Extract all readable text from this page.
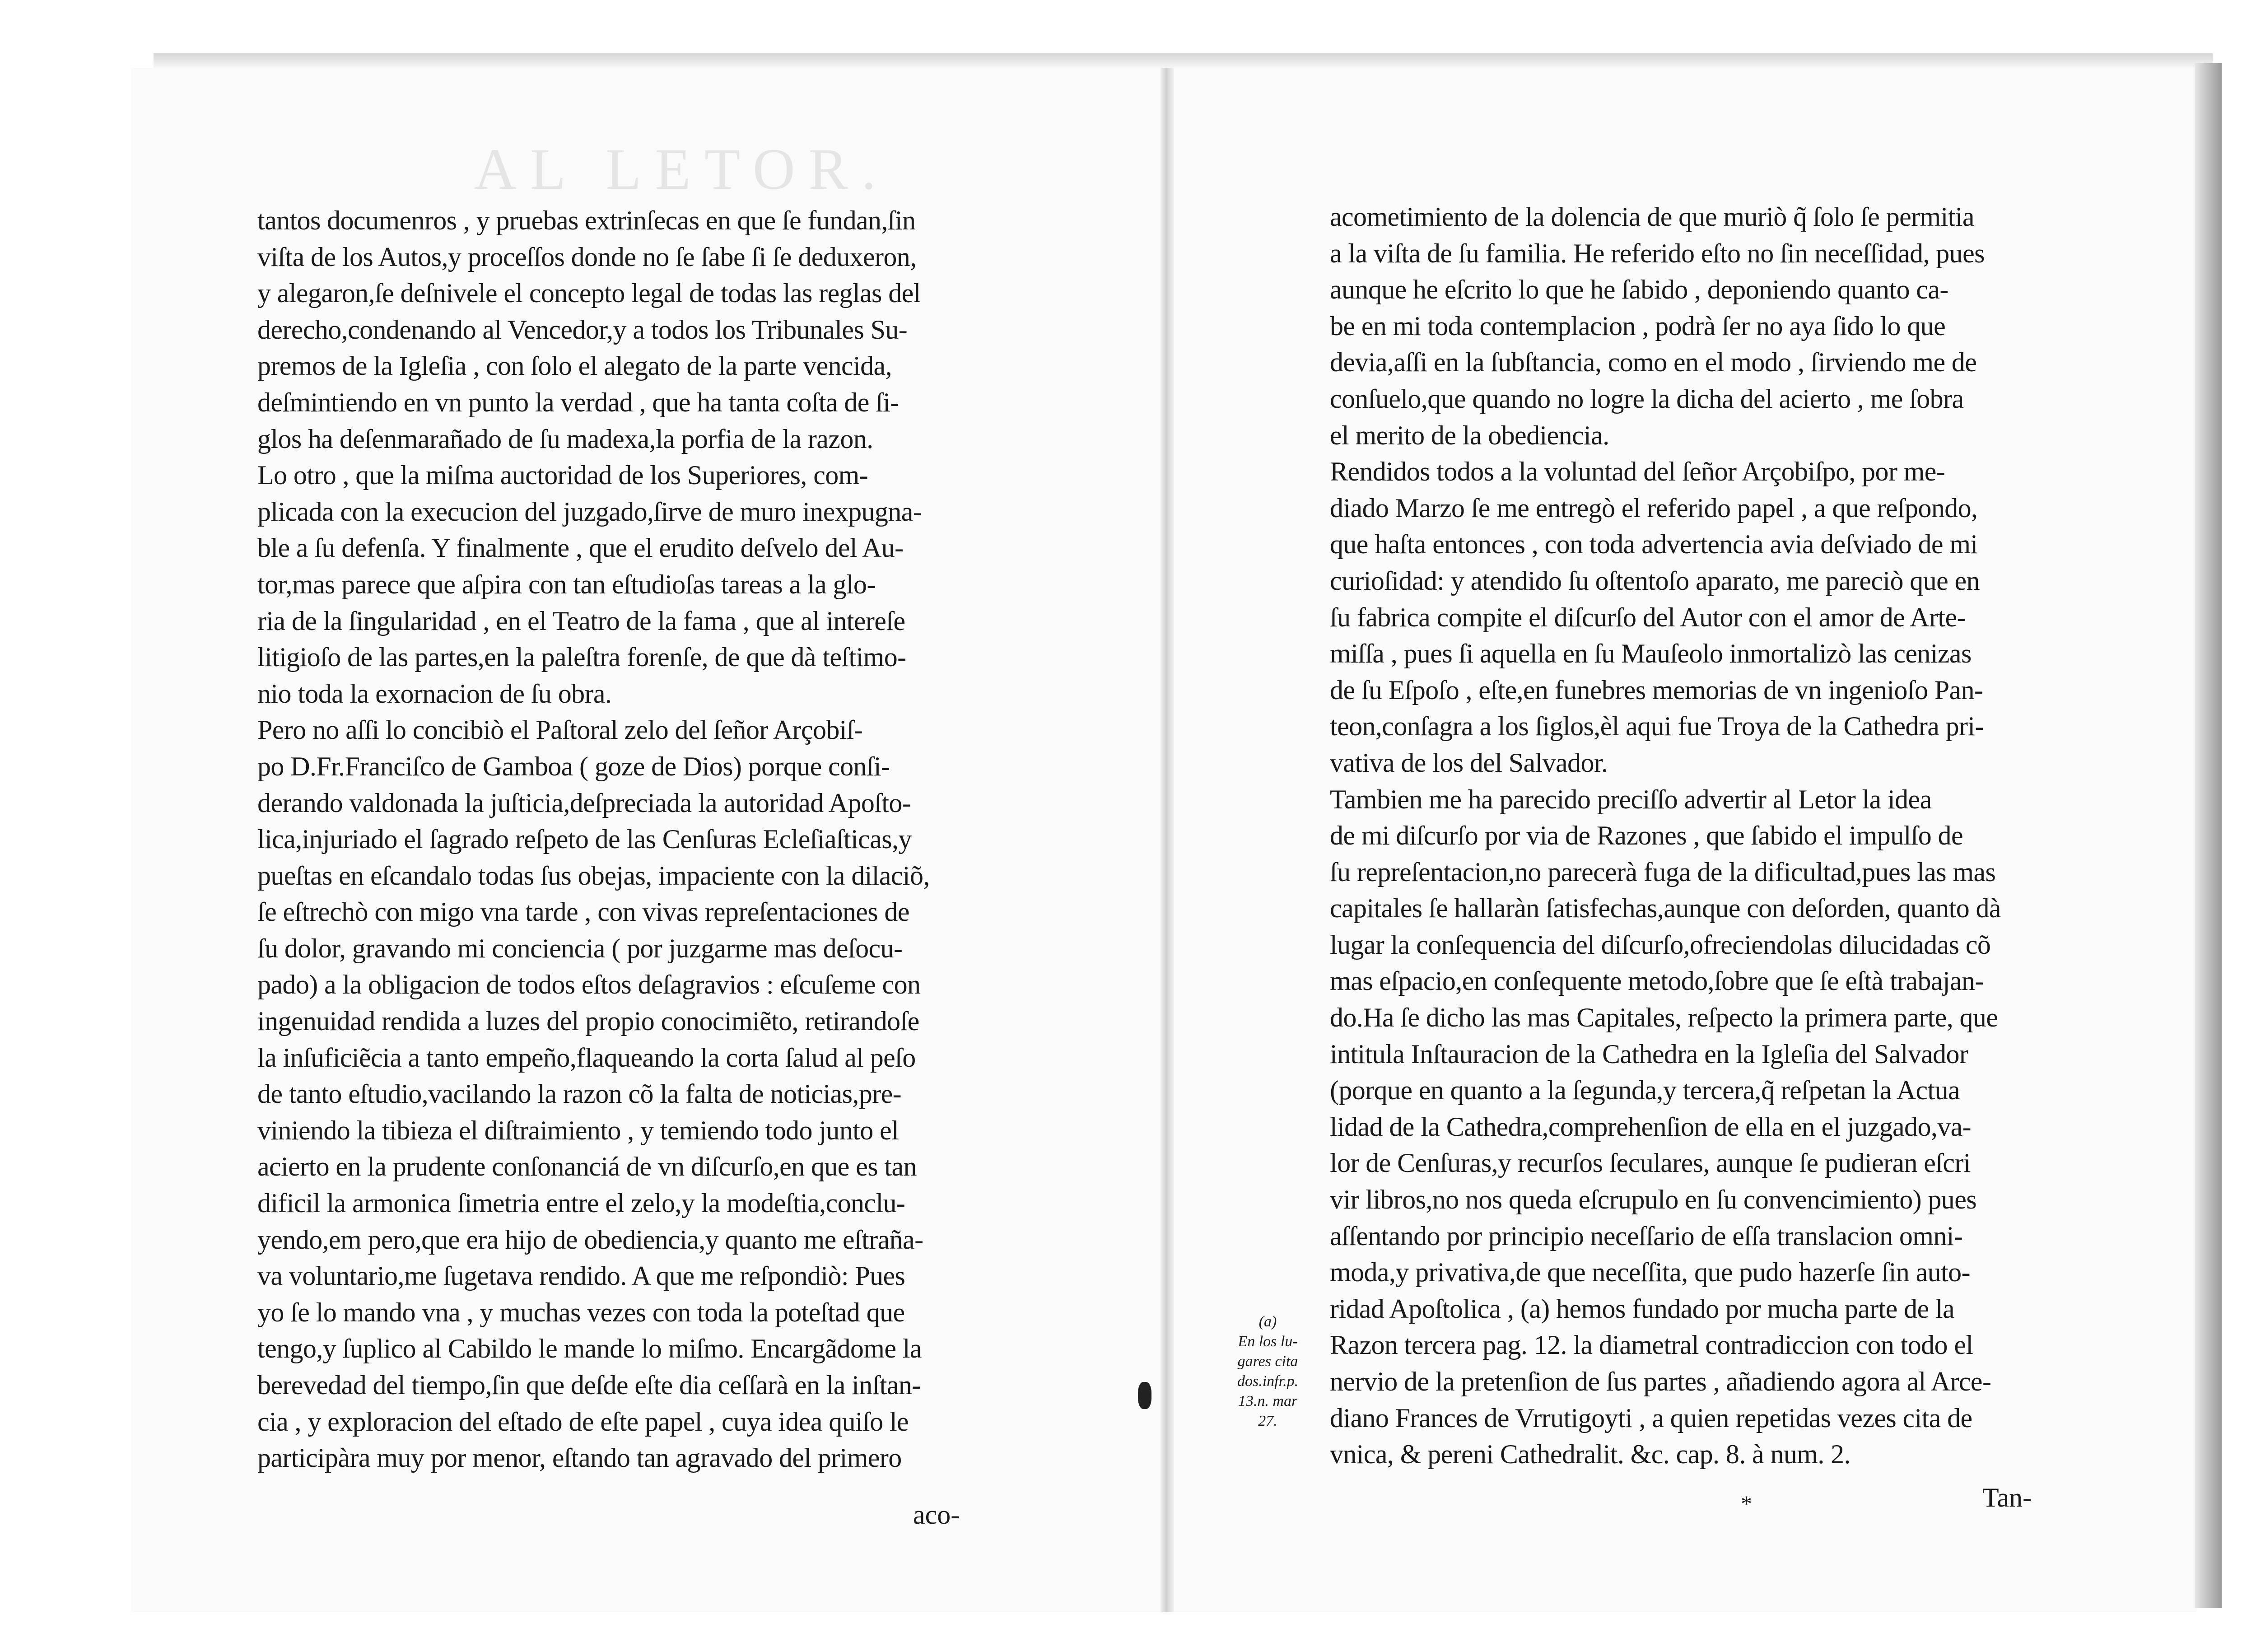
AL LETOR.
tantos documenros , y pruebas extrinſecas en que ſe fundan,ſin
viſta de los Autos,y proceſſos donde no ſe ſabe ſi ſe deduxeron,
y alegaron,ſe deſnivele el concepto legal de todas las reglas del
derecho,condenando al Vencedor,y a todos los Tribunales Su-
premos de la Igleſia , con ſolo el alegato de la parte vencida,
deſmintiendo en vn punto la verdad , que ha tanta coſta de ſi-
glos ha deſenmarañado de ſu madexa,la porfia de la razon.
Lo otro , que la miſma auctoridad de los Superiores, com-
plicada con la execucion del juzgado,ſirve de muro inexpugna-
ble a ſu defenſa. Y finalmente , que el erudito deſvelo del Au-
tor,mas parece que aſpira con tan eſtudioſas tareas a la glo-
ria de la ſingularidad , en el Teatro de la fama , que al intereſe
litigioſo de las partes,en la paleſtra forenſe, de que dà teſtimo-
nio toda la exornacion de ſu obra.
Pero no aſſi lo concibiò el Paſtoral zelo del ſeñor Arçobiſ-
po D.Fr.Franciſco de Gamboa ( goze de Dios) porque conſi-
derando valdonada la juſticia,deſpreciada la autoridad Apoſto-
lica,injuriado el ſagrado reſpeto de las Cenſuras Ecleſiaſticas,y
pueſtas en eſcandalo todas ſus obejas, impaciente con la dilaciõ,
ſe eſtrechò con migo vna tarde , con vivas repreſentaciones de
ſu dolor, gravando mi conciencia ( por juzgarme mas deſocu-
pado) a la obligacion de todos eſtos deſagravios : eſcuſeme con
ingenuidad rendida a luzes del propio conocimiẽto, retirandoſe
la inſuficiẽcia a tanto empeño,flaqueando la corta ſalud al peſo
de tanto eſtudio,vacilando la razon cõ la falta de noticias,pre-
viniendo la tibieza el diſtraimiento , y temiendo todo junto el
acierto en la prudente conſonanciá de vn diſcurſo,en que es tan
dificil la armonica ſimetria entre el zelo,y la modeſtia,conclu-
yendo,em pero,que era hijo de obediencia,y quanto me eſtraña-
va voluntario,me ſugetava rendido. A que me reſpondiò: Pues
yo ſe lo mando vna , y muchas vezes con toda la poteſtad que
tengo,y ſuplico al Cabildo le mande lo miſmo. Encargãdome la
berevedad del tiempo,ſin que deſde eſte dia ceſſarà en la inſtan-
cia , y exploracion del eſtado de eſte papel , cuya idea quiſo le
participàra muy por menor, eſtando tan agravado del primero
acometimiento de la dolencia de que muriò q̃ ſolo ſe permitia
a la viſta de ſu familia. He referido eſto no ſin neceſſidad, pues
aunque he eſcrito lo que he ſabido , deponiendo quanto ca-
be en mi toda contemplacion , podrà ſer no aya ſido lo que
devia,aſſi en la ſubſtancia, como en el modo , ſirviendo me de
conſuelo,que quando no logre la dicha del acierto , me ſobra
el merito de la obediencia.
Rendidos todos a la voluntad del ſeñor Arçobiſpo, por me-
diado Marzo ſe me entregò el referido papel , a que reſpondo,
que haſta entonces , con toda advertencia avia deſviado de mi
curioſidad: y atendido ſu oſtentoſo aparato, me pareciò que en
ſu fabrica compite el diſcurſo del Autor con el amor de Arte-
miſſa , pues ſi aquella en ſu Mauſeolo inmortalizò las cenizas
de ſu Eſpoſo , eſte,en funebres memorias de vn ingenioſo Pan-
teon,conſagra a los ſiglos,èl aqui fue Troya de la Cathedra pri-
vativa de los del Salvador.
Tambien me ha parecido preciſſo advertir al Letor la idea
de mi diſcurſo por via de Razones , que ſabido el impulſo de
ſu repreſentacion,no parecerà fuga de la dificultad,pues las mas
capitales ſe hallaràn ſatisfechas,aunque con deſorden, quanto dà
lugar la conſequencia del diſcurſo,ofreciendolas dilucidadas cõ
mas eſpacio,en conſequente metodo,ſobre que ſe eſtà trabajan-
do.Ha ſe dicho las mas Capitales, reſpecto la primera parte, que
intitula Inſtauracion de la Cathedra en la Igleſia del Salvador
(porque en quanto a la ſegunda,y tercera,q̃ reſpetan la Actua
lidad de la Cathedra,comprehenſion de ella en el juzgado,va-
lor de Cenſuras,y recurſos ſeculares, aunque ſe pudieran eſcri
vir libros,no nos queda eſcrupulo en ſu convencimiento) pues
aſſentando por principio neceſſario de eſſa translacion omni-
moda,y privativa,de que neceſſita, que pudo hazerſe ſin auto-
ridad Apoſtolica , (a) hemos fundado por mucha parte de la
Razon tercera pag. 12. la diametral contradiccion con todo el
nervio de la pretenſion de ſus partes , añadiendo agora al Arce-
diano Frances de Vrrutigoyti , a quien repetidas vezes cita de
vnica, & pereni Cathedralit. &c. cap. 8. à num. 2.
(a)
En los lu-
gares cita
dos.infr.p.
13.n. mar
27.
aco-
Tan-
*
